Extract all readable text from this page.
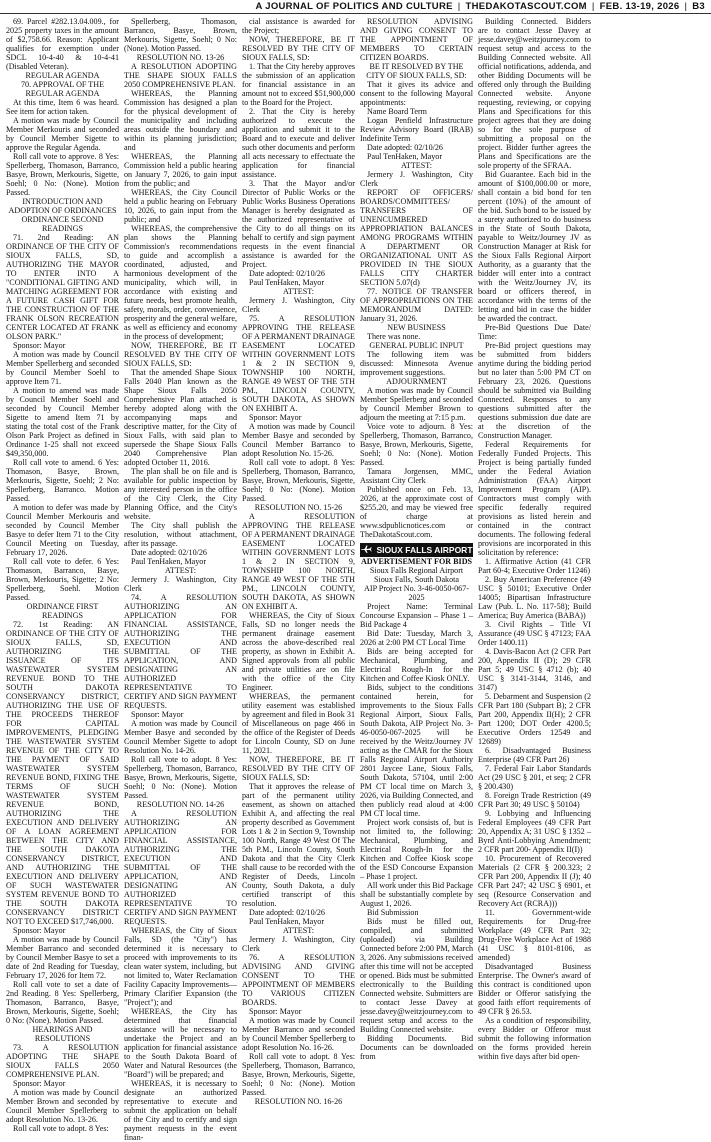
A JOURNAL OF POLITICS AND CULTURE | THEDAKOTASCOUT.COM | FEB. 13-19, 2026 | B3

69. Parcel #282.13.04.009., for 2025 property taxes in the amount of $2,758.66. Reason: Applicant qualifies for exemption under SDCL 10-4-40 & 10-4-41 (Disabled Veteran).

REGULAR AGENDA

70. APPROVAL OF THE REGULAR AGENDA

At this time, Item 6 was heard. See item for action taken.

A motion was made by Council Member Merkouris and seconded by Council Member Sigette to approve the Regular Agenda.

Roll call vote to approve. 8 Yes: Spellerberg, Thomason, Barranco, Basye, Brown, Merkouris, Sigette, Soehl; 0 No: (None). Motion Passed.

INTRODUCTION AND ADOPTION OF ORDINANCES

ORDINANCE SECOND READINGS

71. 2nd Reading: AN ORDINANCE OF THE CITY OF SIOUX FALLS, SD, AUTHORIZING THE MAYOR TO ENTER INTO A "CONDITIONAL GIFTING AND MATCHING AGREEMENT FOR A FUTURE CASH GIFT FOR THE CONSTRUCTION OF THE FRANK OLSON RECREATION CENTER LOCATED AT FRANK OLSON PARK."

Sponsor: Mayor

A motion was made by Council Member Spellerberg and seconded by Council Member Soehl to approve Item 71.

A motion to amend was made by Council Member Soehl and seconded by Council Member Sigette to amend Item 71 by stating the total cost of the Frank Olson Park Project as defined in Ordinance 1-25 shall not exceed $49,350,000.

Roll call vote to amend. 6 Yes: Thomason, Basye, Brown, Merkouris, Sigette, Soehl; 2 No: Spellerberg, Barranco. Motion Passed.

A motion to defer was made by Council Member Merkouris and seconded by Council Member Basye to defer Item 71 to the City Council Meeting on Tuesday, February 17, 2026.

Roll call vote to defer. 6 Yes: Thomason, Barranco, Basye, Brown, Merkouris, Sigette; 2 No: Spellerberg, Soehl. Motion Passed.

ORDINANCE FIRST READINGS

72. 1st Reading: AN ORDINANCE OF THE CITY OF SIOUX FALLS, SD, AUTHORIZING THE ISSUANCE OF ITS WASTEWATER SYSTEM REVENUE BOND TO THE SOUTH DAKOTA CONSERVANCY DISTRICT, AUTHORIZING THE USE OF THE PROCEEDS THEREOF FOR CAPITAL IMPROVEMENTS, PLEDGING THE WASTEWATER SYSTEM REVENUE OF THE CITY TO THE PAYMENT OF SAID WASTEWATER SYSTEM REVENUE BOND, FIXING THE TERMS OF SUCH WASTEWATER SYSTEM REVENUE BOND, AUTHORIZING THE EXECUTION AND DELIVERY OF A LOAN AGREEMENT BETWEEN THE CITY AND THE SOUTH DAKOTA CONSERVANCY DISTRICT, AND AUTHORIZING THE EXECUTION AND DELIVERY OF SUCH WASTEWATER SYSTEM REVENUE BOND TO THE SOUTH DAKOTA CONSERVANCY DISTRICT NOT TO EXCEED $17,746,000.

Sponsor: Mayor

A motion was made by Council Member Barranco and seconded by Council Member Basye to set a date of 2nd Reading for Tuesday, February 17, 2026 for Item 72.

Roll call vote to set a date of 2nd Reading. 8 Yes: Spellerberg, Thomason, Barranco, Basye, Brown, Merkouris, Sigette, Soehl; 0 No: (None). Motion Passed.

HEARINGS AND RESOLUTIONS

73. A RESOLUTION ADOPTING THE SHAPE SIOUX FALLS 2050 COMPREHENSIVE PLAN.

Sponsor: Mayor

A motion was made by Council Member Brown and seconded by Council Member Spellerberg to adopt Resolution No. 13-26.

Roll call vote to adopt. 8 Yes:

Spellerberg, Thomason, Barranco, Basye, Brown, Merkouris, Sigette, Soehl; 0 No: (None). Motion Passed.

RESOLUTION NO. 13-26

A RESOLUTION ADOPTING THE SHAPE SIOUX FALLS 2050 COMPREHENSIVE PLAN.

WHEREAS, the Planning Commission has designed a plan for the physical development of the municipality and including areas outside the boundary and within its planning jurisdiction; and

WHEREAS, the Planning Commission held a public hearing on January 7, 2026, to gain input from the public; and

WHEREAS, the City Council held a public hearing on February 10, 2026, to gain input from the public; and

WHEREAS, the comprehensive plan shows the Planning Commission's recommendations to guide and accomplish a coordinated, adjusted, and harmonious development of the municipality, which will, in accordance with existing and future needs, best promote health, safety, morals, order, convenience, prosperity and the general welfare, as well as efficiency and economy in the process of development;

NOW, THEREFORE, BE IT RESOLVED BY THE CITY OF SIOUX FALLS, SD:

That the amended Shape Sioux Falls 2040 Plan known as the Shape Sioux Falls 2050 Comprehensive Plan attached is hereby adopted along with the accompanying maps and descriptive matter, for the City of Sioux Falls, with said plan to supersede the Shape Sioux Falls 2040 Comprehensive Plan adopted October 11, 2016.

The plan shall be on file and is available for public inspection by any interested person in the office of the City Clerk, the City Planning Office, and the City's website.

The City shall publish the resolution, without attachment, after its passage.

Date adopted: 02/10/26

Paul TenHaken, Mayor

ATTEST:

Jermery J. Washington, City Clerk

74. A RESOLUTION AUTHORIZING AN APPLICATION FOR FINANCIAL ASSISTANCE, AUTHORIZING THE EXECUTION AND SUBMITTAL OF THE APPLICATION, AND DESIGNATING AN AUTHORIZED REPRESENTATIVE TO CERTIFY AND SIGN PAYMENT REQUESTS.

Sponsor: Mayor

A motion was made by Council Member Basye and seconded by Council Member Sigette to adopt Resolution No. 14-26.

Roll call vote to adopt. 8 Yes: Spellerberg, Thomason, Barranco, Basye, Brown, Merkouris, Sigette, Soehl; 0 No: (None). Motion Passed.

RESOLUTION NO. 14-26

A RESOLUTION AUTHORIZING AN APPLICATION FOR FINANCIAL ASSISTANCE, AUTHORIZING THE EXECUTION AND SUBMITTAL OF THE APPLICATION, AND DESIGNATING AN AUTHORIZED REPRESENTATIVE TO CERTIFY AND SIGN PAYMENT REQUESTS.

WHEREAS, the City of Sioux Falls, SD (the "City") has determined it is necessary to proceed with improvements to its clean water system, including, but not limited to, Water Reclamation Facility Capacity Improvements—Primary Clarifier Expansion (the "Project"); and

WHEREAS, the City has determined that financial assistance will be necessary to undertake the Project and an application for financial assistance to the South Dakota Board of Water and Natural Resources (the "Board") will be prepared; and

WHEREAS, it is necessary to designate an authorized representative to execute and submit the application on behalf of the City and to certify and sign payment requests in the event finan-

cial assistance is awarded for the Project;

NOW, THEREFORE, BE IT RESOLVED BY THE CITY OF SIOUX FALLS, SD:

1. That the City hereby approves the submission of an application for financial assistance in an amount not to exceed $51,900,000 to the Board for the Project.

2. That the City is hereby authorized to execute the application and submit it to the Board and to execute and deliver such other documents and perform all acts necessary to effectuate the application for financial assistance.

3. That the Mayor and/or Director of Public Works or the Public Works Business Operations Manager is hereby designated as the authorized representative of the City to do all things on its behalf to certify and sign payment requests in the event financial assistance is awarded for the Project.

Date adopted: 02/10/26

Paul TenHaken, Mayor

ATTEST:

Jermery J. Washington, City Clerk

75. A RESOLUTION APPROVING THE RELEASE OF A PERMANENT DRAINAGE EASEMENT LOCATED WITHIN GOVERNMENT LOTS 1 & 2 IN SECTION 9, TOWNSHIP 100 NORTH, RANGE 49 WEST OF THE 5TH PM., LINCOLN COUNTY, SOUTH DAKOTA, AS SHOWN ON EXHIBIT A.

Sponsor: Mayor

A motion was made by Council Member Basye and seconded by Council Member Barranco to adopt Resolution No. 15-26.

Roll call vote to adopt. 8 Yes: Spellerberg, Thomason, Barranco, Basye, Brown, Merkouris, Sigette, Soehl; 0 No: (None). Motion Passed.

RESOLUTION NO. 15-26

A RESOLUTION APPROVING THE RELEASE OF A PERMANENT DRAINAGE EASEMENT LOCATED WITHIN GOVERNMENT LOTS 1 & 2 IN SECTION 9, TOWNSHIP 100 NORTH, RANGE 49 WEST OF THE 5TH PM., LINCOLN COUNTY, SOUTH DAKOTA, AS SHOWN ON EXHIBIT A.

WHEREAS, the City of Sioux Falls, SD no longer needs the permanent drainage easement across the above-described real property, as shown in Exhibit A. Signed approvals from all public and private utilities are on file with the office of the City Engineer.

WHEREAS, the permanent utility easement was established by agreement and filed in Book 31 of Miscellaneous on page 466 in the office of the Register of Deeds for Lincoln County, SD on June 11, 2021.

NOW, THEREFORE, BE IT RESOLVED BY THE CITY OF SIOUX FALLS, SD:

That it approves the release of part of the permanent utility easement, as shown on attached Exhibit A, and affecting the real property described as Government Lots 1 & 2 in Section 9, Township 100 North, Range 49 West Of The 5th P.M., Lincoln County, South Dakota and that the City Clerk shall cause to be recorded with the Register of Deeds, Lincoln County, South Dakota, a duly certified transcript of this resolution.

Date adopted: 02/10/26

Paul TenHaken, Mayor

ATTEST:

Jermery J. Washington, City Clerk

76. A RESOLUTION ADVISING AND GIVING CONSENT TO THE APPOINTMENT OF MEMBERS TO VARIOUS CITIZEN BOARDS.

Sponsor: Mayor

A motion was made by Council Member Barranco and seconded by Council Member Spellerberg to adopt Resolution No. 16-26.

Roll call vote to adopt. 8 Yes: Spellerberg, Thomason, Barranco, Basye, Brown, Merkouris, Sigette, Soehl; 0 No: (None). Motion Passed.

RESOLUTION NO. 16-26

RESOLUTION ADVISING AND GIVING CONSENT TO THE APPOINTMENT OF MEMBERS TO CERTAIN CITIZEN BOARDS.

BE IT RESOLVED BY THE CITY OF SIOUX FALLS, SD:

That it gives its advice and consent to the following Mayoral appointments:

Name Board Term

Logan Penfield Infrastructure Review Advisory Board (IRAB) Indefinite Term

Date adopted: 02/10/26

Paul TenHaken, Mayor

ATTEST:

Jermery J. Washington, City Clerk

REPORT OF OFFICERS/ BOARDS/COMMITTEES/ TRANSFERS OF UNENCUMBERED APPROPRIATION BALANCES AMONG PROGRAMS WITHIN A DEPARTMENT OR ORGANIZATIONAL UNIT AS PROVIDED IN THE SIOUX FALLS CITY CHARTER SECTION 5.07(d)

77. NOTICE OF TRANSFER OF APPROPRIATIONS ON THE MEMORANDUM DATED: January 31, 2026.

NEW BUSINESS

There was none.

GENERAL PUBLIC INPUT

The following item was discussed: Minnesota Avenue improvement suggestions.

ADJOURNMENT

A motion was made by Council Member Spellerberg and seconded by Council Member Brown to adjourn the meeting at 7:15 p.m.

Voice vote to adjourn. 8 Yes: Spellerberg, Thomason, Barranco, Basye, Brown, Merkouris, Sigette, Soehl; 0 No: (None). Motion Passed.

Tamara Jorgensen, MMC, Assistant City Clerk

Published once on Feb. 13, 2026, at the approximate cost of $255.20, and may be viewed free of charge at www.sdpublicnotices.com or TheDakotaScout.com.

SIOUX FALLS AIRPORT

ADVERTISEMENT FOR BIDS

Sioux Falls Regional Airport

Sioux Falls, South Dakota

AIP Project No. 3-46-0050-067-2025

Project Name: Terminal Concourse Expansion – Phase 1 – Bid Package 4

Bid Date: Tuesday, March 3, 2026 at 2:00 PM CT Local Time

Bids are being accepted for Mechanical, Plumbing, and Electrical Rough-In for the Kitchen and Coffee Kiosk ONLY.

Bids, subject to the conditions contained herein, for improvements to the Sioux Falls Regional Airport, Sioux Falls, South Dakota, AIP Project No. 3-46-0050-067-2025 will be received by the Weitz/Journey JV acting as the CMAR for the Sioux Falls Regional Airport Authority 2801 Jaycee Lane, Sioux Falls, South Dakota, 57104, until 2:00 PM CT local time on March 3, 2026, via Building Connected, and then publicly read aloud at 4:00 PM CT local time.

Project work consists of, but is not limited to, the following: Mechanical, Plumbing, and Electrical Rough-In for the Kitchen and Coffee Kiosk scope of the ESD Concourse Expansion – Phase 1 project.

All work under this Bid Package shall be substantially complete by August 1, 2026.

Bid Submission

Bids must be filled out, compiled, and submitted (uploaded) via Building Connected before 2:00 PM, March 3, 2026. Any submissions received after this time will not be accepted or opened. Bids must be submitted electronically to the Building Connected website. Submitters are to contact Jesse Davey at jesse.davey@weitzjourney.com to request setup and access to the Building Connected website.

Bidding Documents. Bid Documents can be downloaded from

Building Connected. Bidders are to contact Jesse Davey at jesse.davey@weitzjourney.com to request setup and access to the Building Connected website. All official notifications, addenda, and other Bidding Documents will be offered only through the Building Connected website. Anyone requesting, reviewing, or copying Plans and Specifications for this project agrees that they are doing so for the sole purpose of submitting a proposal on the project. Bidder further agrees the Plans and Specifications are the sole property of the SFRAA.

Bid Guarantee. Each bid in the amount of $100,000.00 or more, shall contain a bid bond for ten percent (10%) of the amount of the bid. Such bond to be issued by a surety authorized to do business in the State of South Dakota, payable to Weitz/Journey JV as Construction Manager at Risk for the Sioux Falls Regional Airport Authority, as a guaranty that the bidder will enter into a contract with the Weitz/Journey JV, its board or officers thereof, in accordance with the terms of the letting and bid in case the bidder be awarded the contract.

Pre-Bid Questions Due Date/ Time:

Pre-Bid project questions may be submitted from bidders anytime during the bidding period but no later than 5:00 PM CT on February 23, 2026. Questions should be submitted via Building Connected. Responses to any questions submitted after the questions submission due date are at the discretion of the Construction Manager.

Federal Requirements for Federally Funded Projects. This Project is being partially funded under the Federal Aviation Administration (FAA) Airport Improvement Program (AIP). Contractors must comply with specific federally required provisions as listed herein and contained in the contract documents. The following federal provisions are incorporated in this solicitation by reference:

1. Affirmative Action (41 CFR Part 60-4; Executive Order 11246)

2. Buy American Preference (49 USC § 50101; Executive Order 14005; Bipartisan Infrastructure Law (Pub. L. No. 117-58); Build America; Buy America (BABA))

3. Civil Rights – Title VI Assurance (49 USC § 47123; FAA Order 1400.11)

4. Davis-Bacon Act (2 CFR Part 200, Appendix II (D); 29 CFR Part 5; 49 USC § 4712 (b); 40 USC § 3141-3144, 3146, and 3147)

5. Debarment and Suspension (2 CFR Part 180 (Subpart B); 2 CFR Part 200, Appendix II(H); 2 CFR Part 1200; DOT Order 4200.5; Executive Orders 12549 and 12689)

6. Disadvantaged Business Enterprise (49 CFR Part 26)

7. Federal Fair Labor Standards Act (29 USC § 201, et seq; 2 CFR § 200.430)

8. Foreign Trade Restriction (49 CFR Part 30; 49 USC § 50104)

9. Lobbying and Influencing Federal Employees (49 CFR Part 20, Appendix A; 31 USC § 1352 – Byrd Anti-Lobbying Amendment; 2 CFR part 200- Appendix II(I))

10. Procurement of Recovered Materials (2 CFR § 200.323; 2 CFR Part 200, Appendix II (J); 40 CFR Part 247; 42 USC § 6901, et seq (Resource Conservation and Recovery Act (RCRA)))

11. Government-wide Requirements for Drug-free Workplace (49 CFR Part 32; Drug-Free Workplace Act of 1988 (41 USC § 8101-8106, as amended)

Disadvantaged Business Enterprise. The Owner's award of this contract is conditioned upon Bidder or Offeror satisfying the good faith effort requirements of 49 CFR § 26.53.

As a condition of responsibility, every Bidder or Offeror must submit the following information on the forms provided herein within five days after bid open-
